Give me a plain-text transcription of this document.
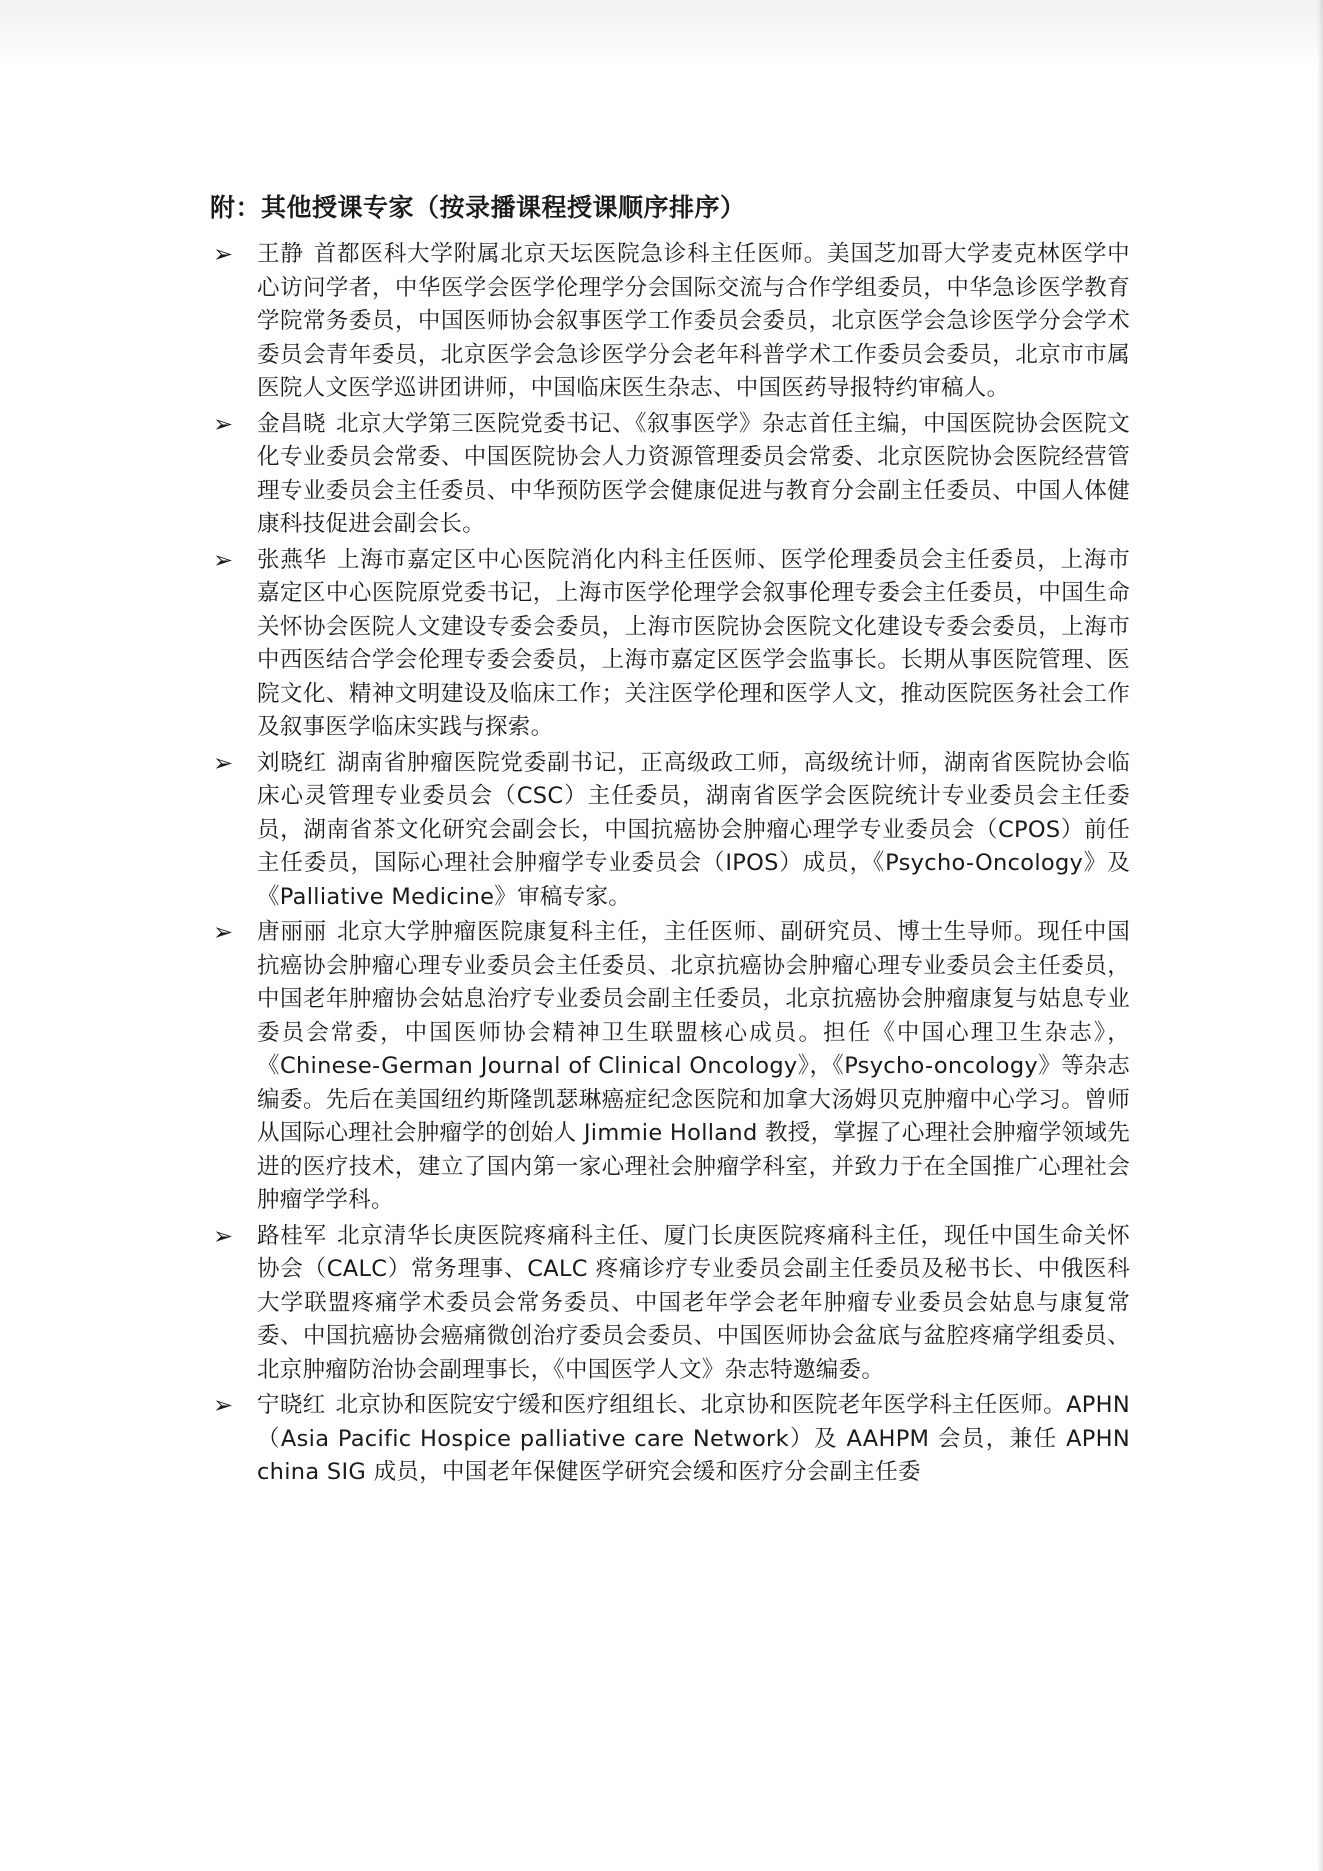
附：其他授课专家（按录播课程授课顺序排序）
➢ 王静 首都医科大学附属北京天坛医院急诊科主任医师。美国芝加哥大学麦克林医学中心访问学者，中华医学会医学伦理学分会国际交流与合作学组委员，中华急诊医学教育学院常务委员，中国医师协会叙事医学工作委员会委员，北京医学会急诊医学分会学术委员会青年委员，北京医学会急诊医学分会老年科普学术工作委员会委员，北京市市属医院人文医学巡讲团讲师，中国临床医生杂志、中国医药导报特约审稿人。
➢ 金昌晓 北京大学第三医院党委书记、《叙事医学》杂志首任主编，中国医院协会医院文化专业委员会常委、中国医院协会人力资源管理委员会常委、北京医院协会医院经营管理专业委员会主任委员、中华预防医学会健康促进与教育分会副主任委员、中国人体健康科技促进会副会长。
➢ 张燕华 上海市嘉定区中心医院消化内科主任医师、医学伦理委员会主任委员，上海市嘉定区中心医院原党委书记，上海市医学伦理学会叙事伦理专委会主任委员，中国生命关怀协会医院人文建设专委会委员，上海市医院协会医院文化建设专委会委员，上海市中西医结合学会伦理专委会委员，上海市嘉定区医学会监事长。长期从事医院管理、医院文化、精神文明建设及临床工作；关注医学伦理和医学人文，推动医院医务社会工作及叙事医学临床实践与探索。
➢ 刘晓红 湖南省肿瘤医院党委副书记，正高级政工师，高级统计师，湖南省医院协会临床心灵管理专业委员会（CSC）主任委员，湖南省医学会医院统计专业委员会主任委员，湖南省茶文化研究会副会长，中国抗癌协会肿瘤心理学专业委员会（CPOS）前任主任委员，国际心理社会肿瘤学专业委员会（IPOS）成员，《Psycho-Oncology》及《Palliative Medicine》审稿专家。
➢ 唐丽丽 北京大学肿瘤医院康复科主任，主任医师、副研究员、博士生导师。现任中国抗癌协会肿瘤心理专业委员会主任委员、北京抗癌协会肿瘤心理专业委员会主任委员，中国老年肿瘤协会姑息治疗专业委员会副主任委员，北京抗癌协会肿瘤康复与姑息专业委员会常委，中国医师协会精神卫生联盟核心成员。担任《中国心理卫生杂志》，《Chinese-German Journal of Clinical Oncology》，《Psycho-oncology》等杂志编委。先后在美国纽约斯隆凯瑟琳癌症纪念医院和加拿大汤姆贝克肿瘤中心学习。曾师从国际心理社会肿瘤学的创始人 Jimmie Holland 教授，掌握了心理社会肿瘤学领域先进的医疗技术，建立了国内第一家心理社会肿瘤学科室，并致力于在全国推广心理社会肿瘤学学科。
➢ 路桂军 北京清华长庚医院疼痛科主任、厦门长庚医院疼痛科主任，现任中国生命关怀协会（CALC）常务理事、CALC 疼痛诊疗专业委员会副主任委员及秘书长、中俄医科大学联盟疼痛学术委员会常务委员、中国老年学会老年肿瘤专业委员会姑息与康复常委、中国抗癌协会癌痛微创治疗委员会委员、中国医师协会盆底与盆腔疼痛学组委员、北京肿瘤防治协会副理事长，《中国医学人文》杂志特邀编委。
➢ 宁晓红 北京协和医院安宁缓和医疗组组长、北京协和医院老年医学科主任医师。APHN（Asia Pacific Hospice palliative care Network）及 AAHPM 会员，兼任 APHN china SIG 成员，中国老年保健医学研究会缓和医疗分会副主任委
